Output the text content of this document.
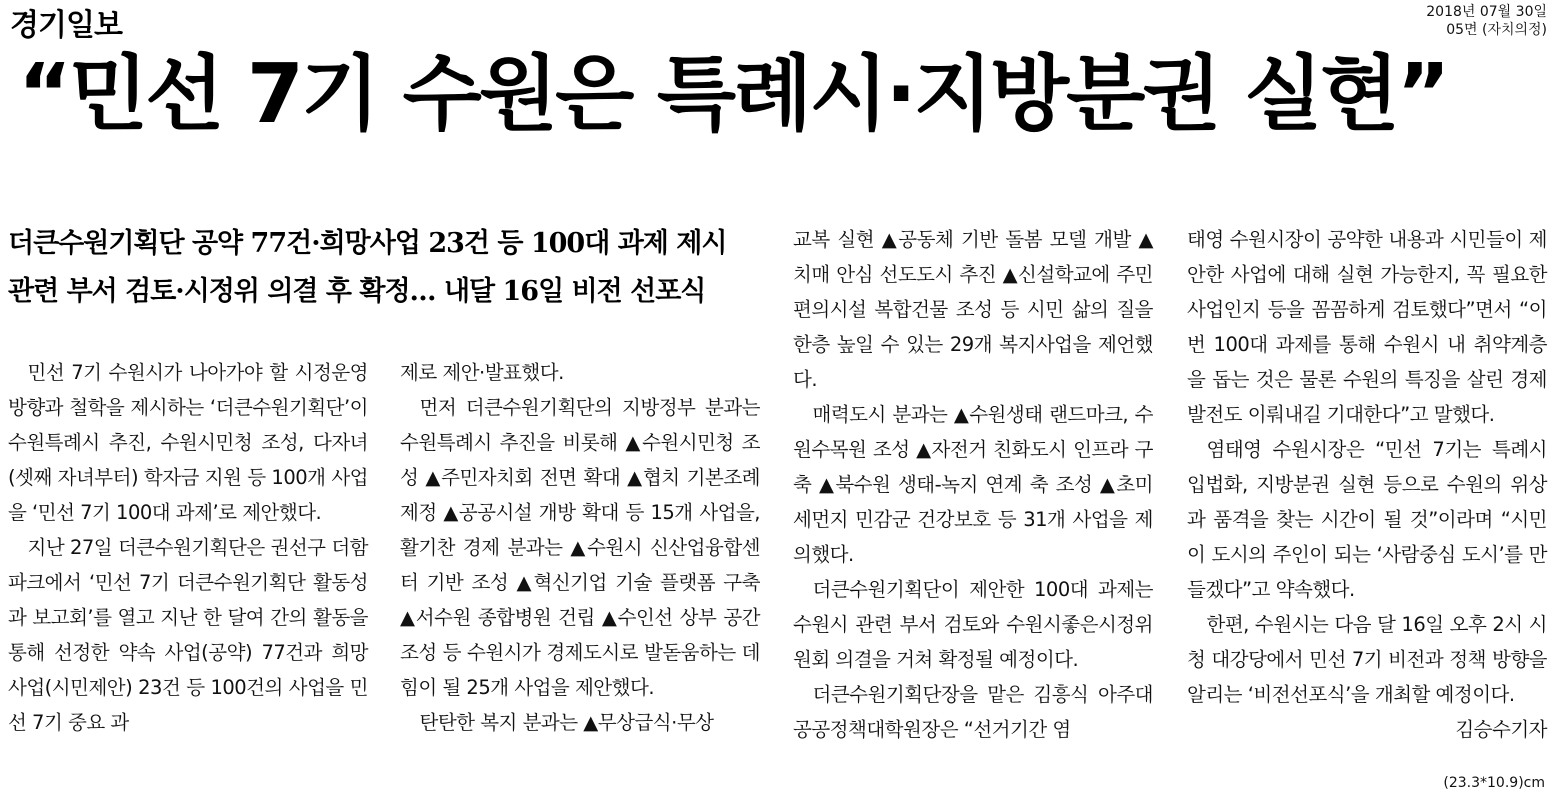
경기일보	2018년 07월 30일
05면 (자치의정)
“민선 7기 수원은 특례시·지방분권 실현”
더큰수원기획단 공약 77건·희망사업 23건 등 100대 과제 제시
관련 부서 검토·시정위 의결 후 확정… 내달 16일 비전 선포식

민선 7기 수원시가 나아가야 할 시정운영 방향과 철학을 제시하는 ‘더큰수원기획단’이 수원특례시 추진, 수원시민청 조성, 다자녀(셋째 자녀부터) 학자금 지원 등 100개 사업을 ‘민선 7기 100대 과제’로 제안했다.

지난 27일 더큰수원기획단은 권선구 더함파크에서 ‘민선 7기 더큰수원기획단 활동성과 보고회’를 열고 지난 한 달여 간의 활동을 통해 선정한 약속 사업(공약) 77건과 희망 사업(시민제안) 23건 등 100건의 사업을 민선 7기 중요 과

제로 제안·발표했다.

먼저 더큰수원기획단의 지방정부 분과는 수원특례시 추진을 비롯해 ▲수원시민청 조성 ▲주민자치회 전면 확대 ▲협치 기본조례 제정 ▲공공시설 개방 확대 등 15개 사업을, 활기찬 경제 분과는 ▲수원시 신산업융합센터 기반 조성 ▲혁신기업 기술 플랫폼 구축 ▲서수원 종합병원 건립 ▲수인선 상부 공간 조성 등 수원시가 경제도시로 발돋움하는 데 힘이 될 25개 사업을 제안했다.

탄탄한 복지 분과는 ▲무상급식·무상

교복 실현 ▲공동체 기반 돌봄 모델 개발 ▲치매 안심 선도도시 추진 ▲신설학교에 주민편의시설 복합건물 조성 등 시민 삶의 질을 한층 높일 수 있는 29개 복지사업을 제언했다.

매력도시 분과는 ▲수원생태 랜드마크, 수원수목원 조성 ▲자전거 친화도시 인프라 구축 ▲북수원 생태-녹지 연계 축 조성 ▲초미세먼지 민감군 건강보호 등 31개 사업을 제의했다.

더큰수원기획단이 제안한 100대 과제는 수원시 관련 부서 검토와 수원시좋은시정위원회 의결을 거쳐 확정될 예정이다.

더큰수원기획단장을 맡은 김흥식 아주대 공공정책대학원장은 “선거기간 염

태영 수원시장이 공약한 내용과 시민들이 제안한 사업에 대해 실현 가능한지, 꼭 필요한 사업인지 등을 꼼꼼하게 검토했다”면서 “이번 100대 과제를 통해 수원시 내 취약계층을 돕는 것은 물론 수원의 특징을 살린 경제 발전도 이뤄내길 기대한다”고 말했다.

염태영 수원시장은 “민선 7기는 특례시 입법화, 지방분권 실현 등으로 수원의 위상과 품격을 찾는 시간이 될 것”이라며 “시민이 도시의 주인이 되는 ‘사람중심 도시’를 만들겠다”고 약속했다.

한편, 수원시는 다음 달 16일 오후 2시 시청 대강당에서 민선 7기 비전과 정책 방향을 알리는 ‘비전선포식’을 개최할 예정이다.

김승수기자

(23.3*10.9)cm
